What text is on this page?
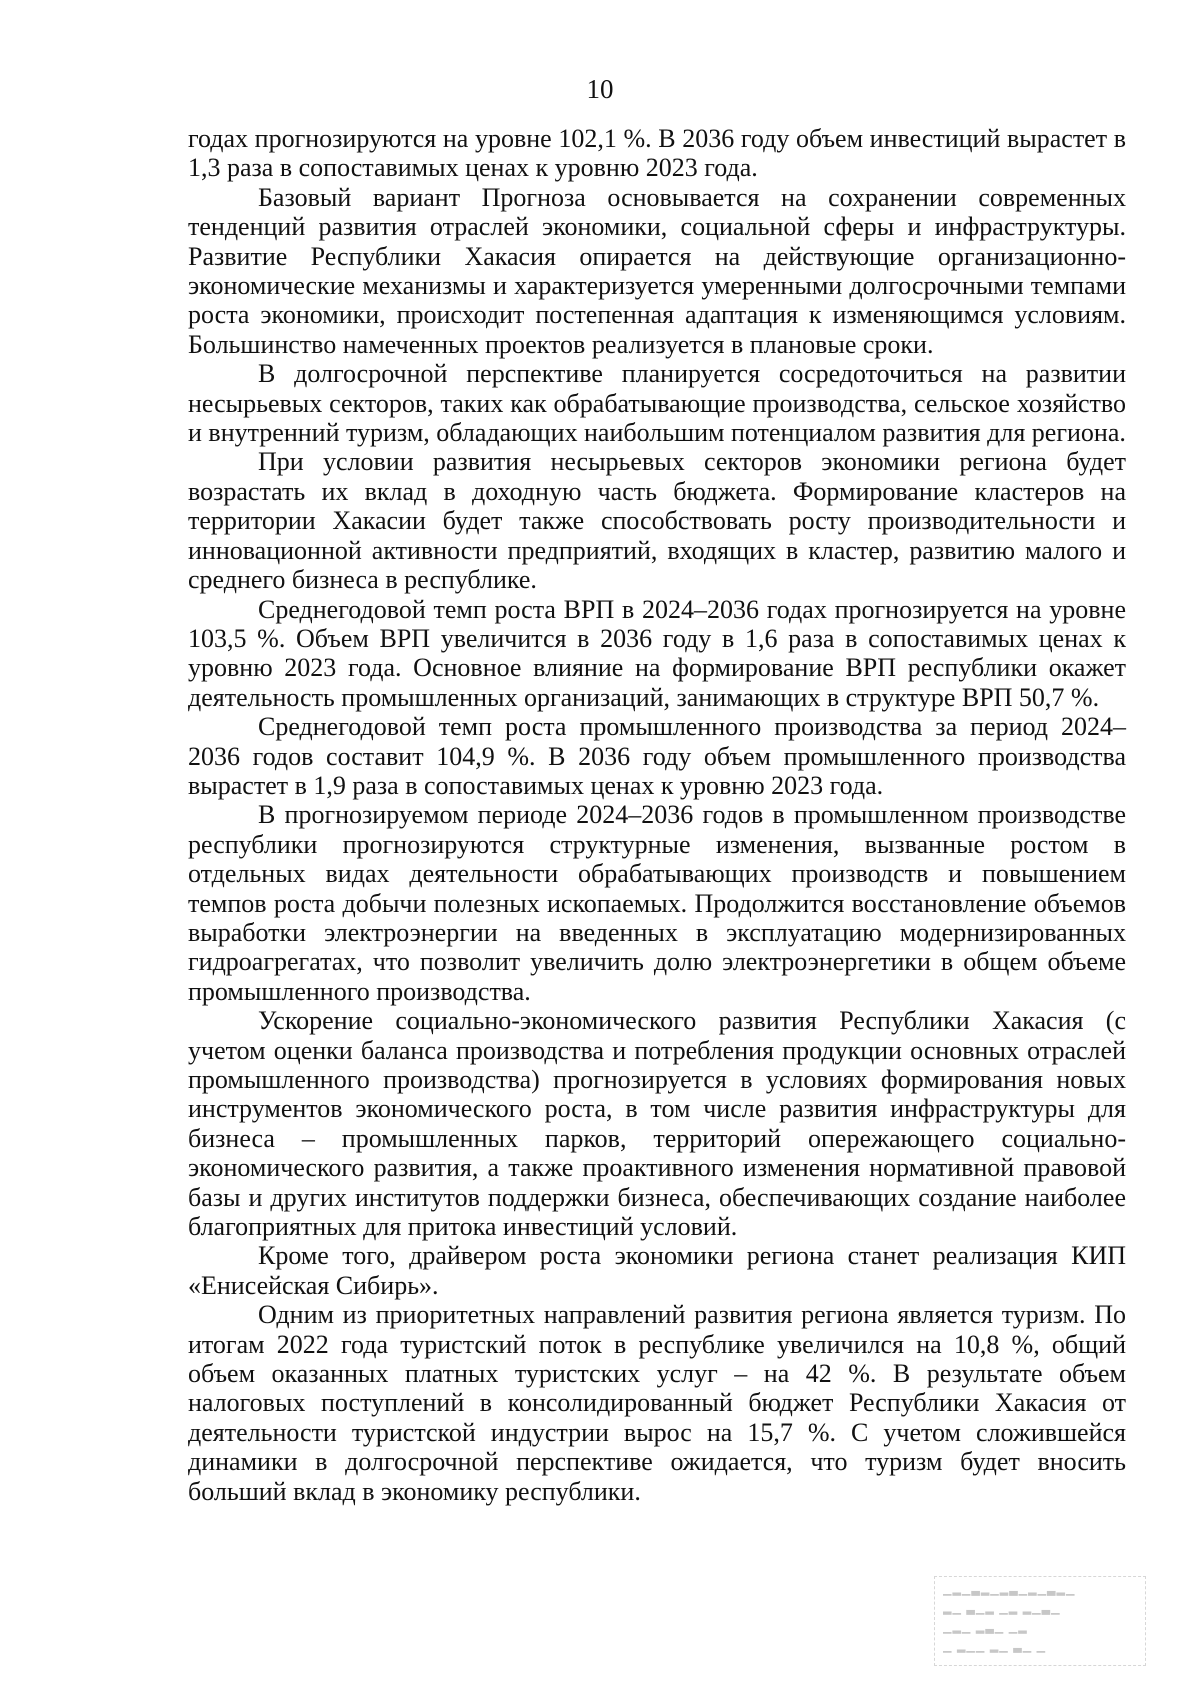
10

годах прогнозируются на уровне 102,1 %. В 2036 году объем инвестиций вырастет в 1,3 раза в сопоставимых ценах к уровню 2023 года.

Базовый вариант Прогноза основывается на сохранении современных тенденций развития отраслей экономики, социальной сферы и инфраструктуры. Развитие Республики Хакасия опирается на действующие организационно-экономические механизмы и характеризуется умеренными долгосрочными темпами роста экономики, происходит постепенная адаптация к изменяющимся условиям. Большинство намеченных проектов реализуется в плановые сроки.

В долгосрочной перспективе планируется сосредоточиться на развитии несырьевых секторов, таких как обрабатывающие производства, сельское хозяйство и внутренний туризм, обладающих наибольшим потенциалом развития для региона.

При условии развития несырьевых секторов экономики региона будет возрастать их вклад в доходную часть бюджета. Формирование кластеров на территории Хакасии будет также способствовать росту производительности и инновационной активности предприятий, входящих в кластер, развитию малого и среднего бизнеса в республике.

Среднегодовой темп роста ВРП в 2024–2036 годах прогнозируется на уровне 103,5 %. Объем ВРП увеличится в 2036 году в 1,6 раза в сопоставимых ценах к уровню 2023 года. Основное влияние на формирование ВРП республики окажет деятельность промышленных организаций, занимающих в структуре ВРП 50,7 %.

Среднегодовой темп роста промышленного производства за период 2024–2036 годов составит 104,9 %. В 2036 году объем промышленного производства вырастет в 1,9 раза в сопоставимых ценах к уровню 2023 года.

В прогнозируемом периоде 2024–2036 годов в промышленном производстве республики прогнозируются структурные изменения, вызванные ростом в отдельных видах деятельности обрабатывающих производств и повышением темпов роста добычи полезных ископаемых. Продолжится восстановление объемов выработки электроэнергии на введенных в эксплуатацию модернизированных гидроагрегатах, что позволит увеличить долю электроэнергетики в общем объеме промышленного производства.

Ускорение социально-экономического развития Республики Хакасия (с учетом оценки баланса производства и потребления продукции основных отраслей промышленного производства) прогнозируется в условиях формирования новых инструментов экономического роста, в том числе развития инфраструктуры для бизнеса – промышленных парков, территорий опережающего социально-экономического развития, а также проактивного изменения нормативной правовой базы и других институтов поддержки бизнеса, обеспечивающих создание наиболее благоприятных для притока инвестиций условий.

Кроме того, драйвером роста экономики региона станет реализация КИП «Енисейская Сибирь».

Одним из приоритетных направлений развития региона является туризм. По итогам 2022 года туристский поток в республике увеличился на 10,8 %, общий объем оказанных платных туристских услуг – на 42 %. В результате объем налоговых поступлений в консолидированный бюджет Республики Хакасия от деятельности туристской индустрии вырос на 15,7 %. С учетом сложившейся динамики в долгосрочной перспективе ожидается, что туризм будет вносить больший вклад в экономику республики.

▁▂▁▃▂▁▂▃▁▂▁▃▂▁
▂▁ ▃▁▂ ▁▂ ▂▁▃▁
▁▂▁ ▂▃▁ ▁▂
▁ ▂▁▁ ▂▁ ▃▁ ▁
